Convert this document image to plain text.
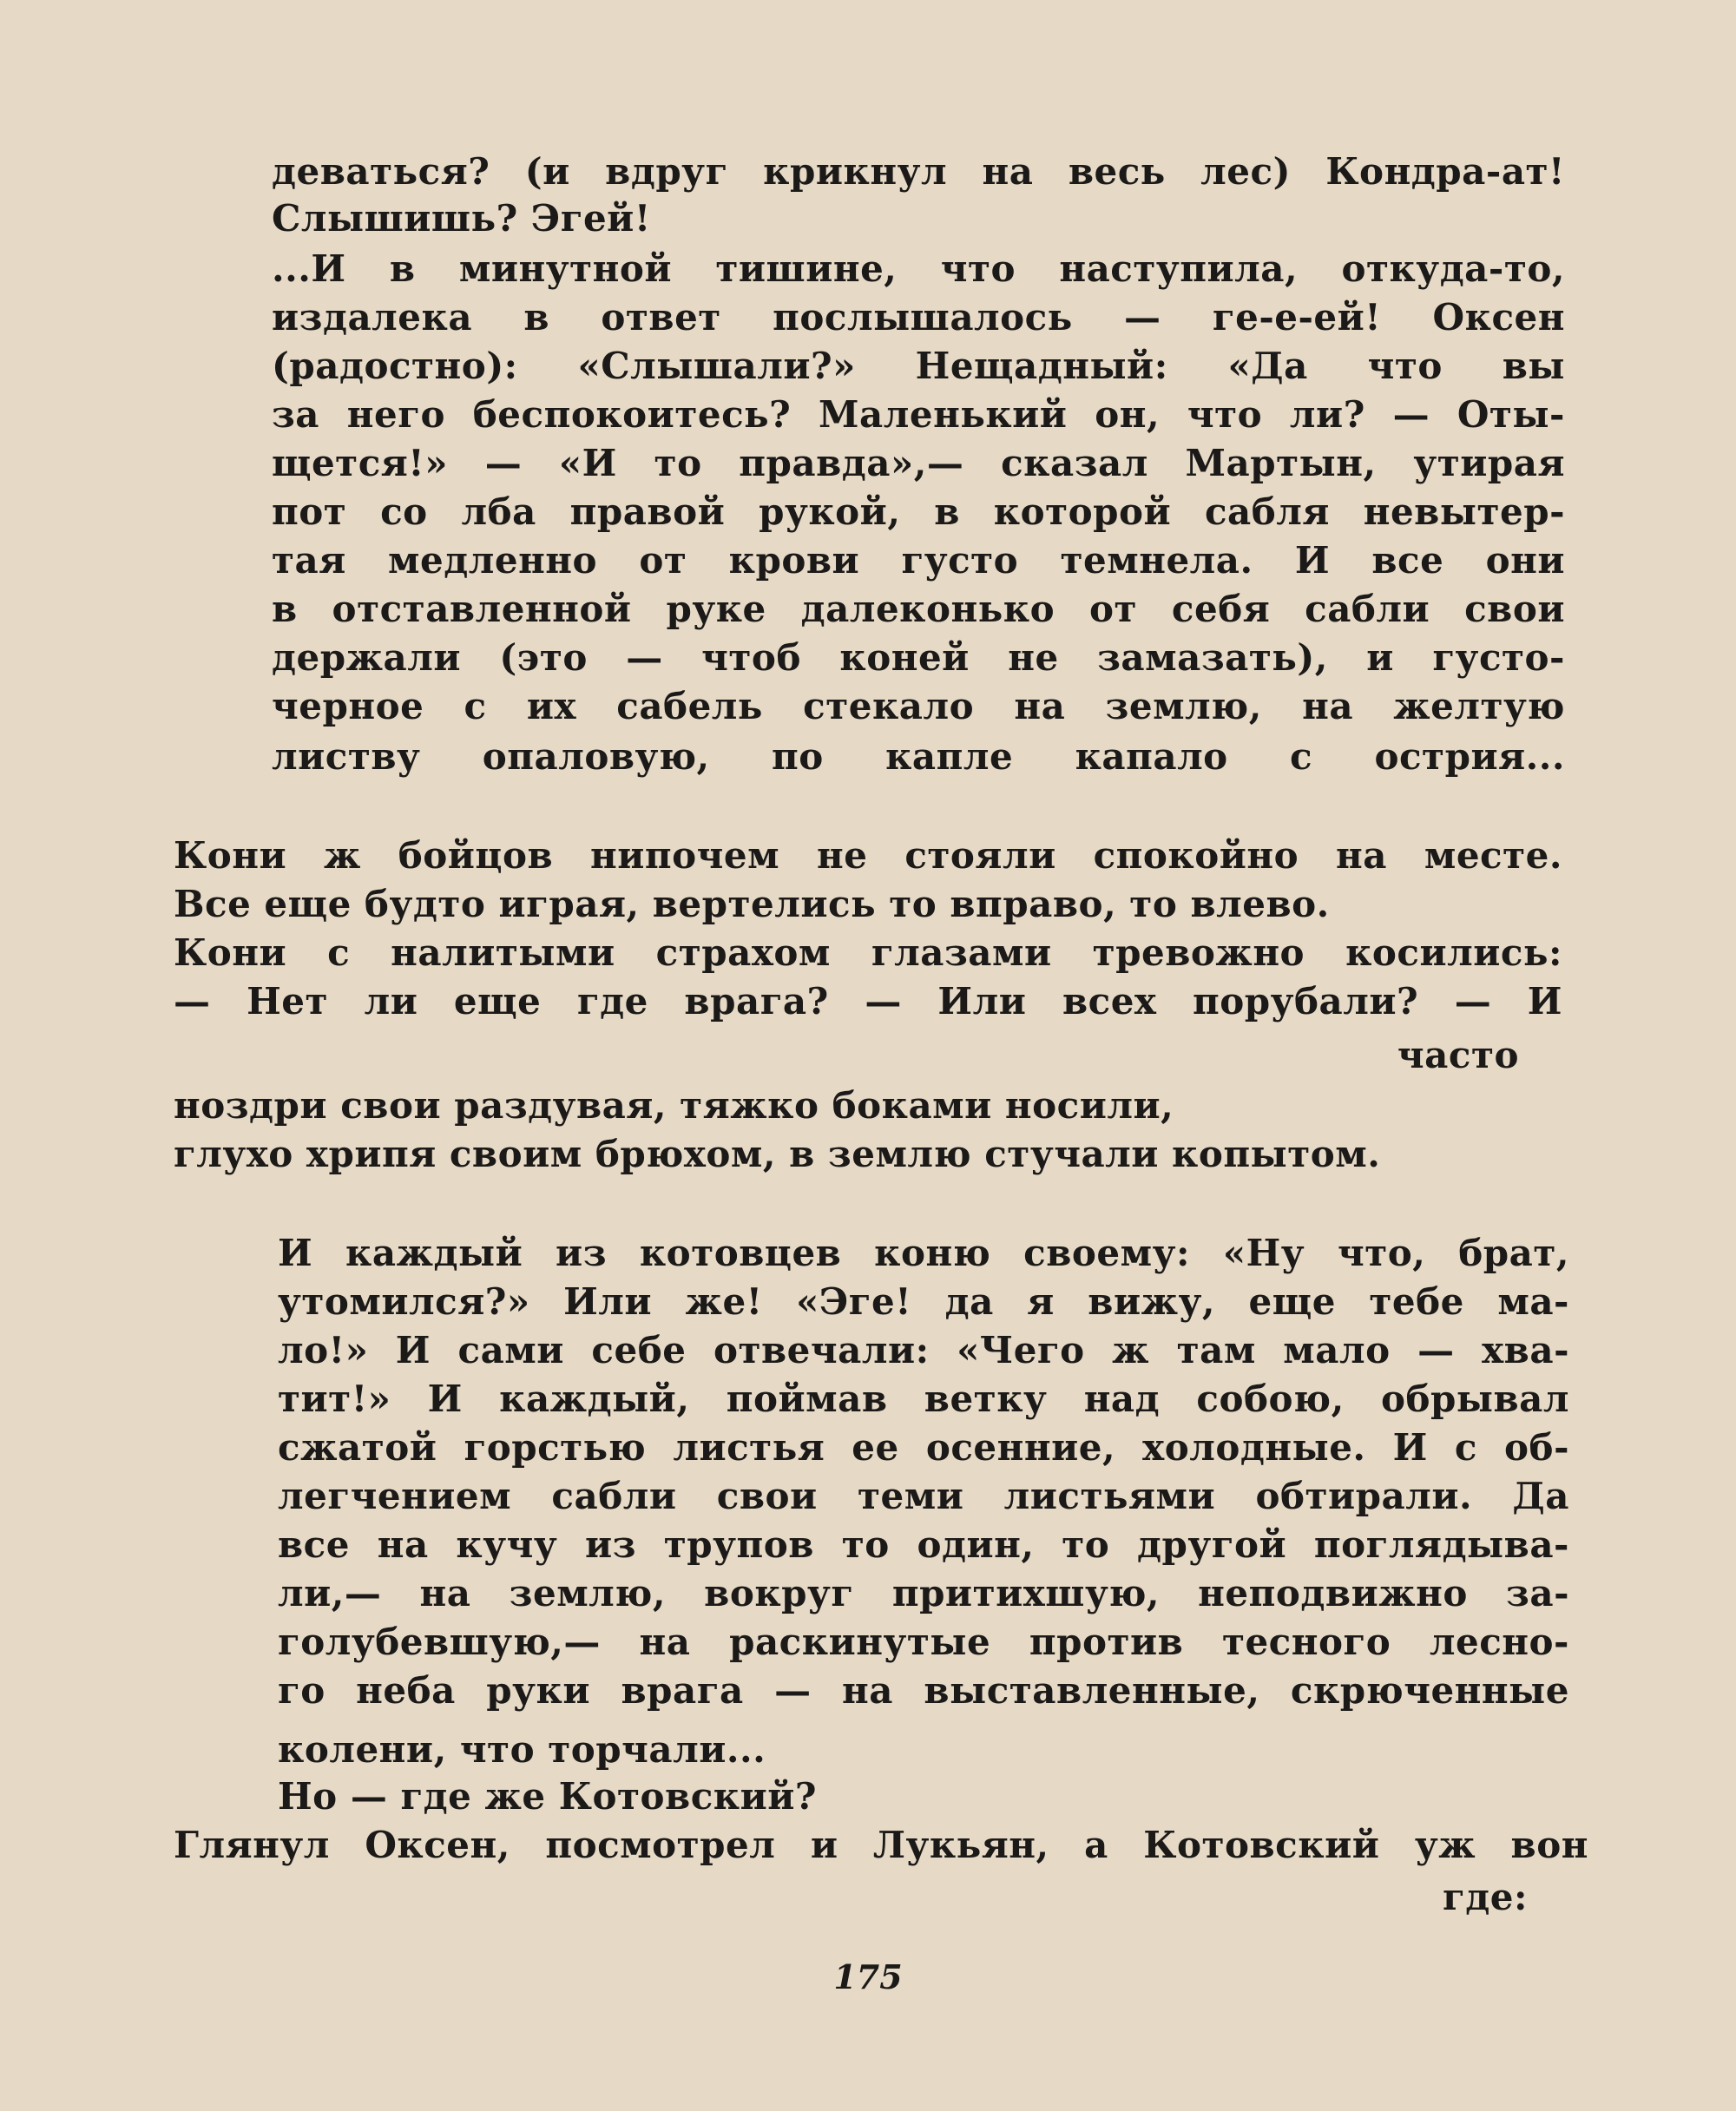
деваться? (и вдруг крикнул на весь лес) Кондра-ат!
Слышишь? Эгей!
...И в минутной тишине, что наступила, откуда-то,
издалека в ответ послышалось — ге-е-ей! Оксен
(радостно): «Слышали?» Нещадный: «Да что вы
за него беспокоитесь? Маленький он, что ли? — Оты-
щется!» — «И то правда»,— сказал Мартын, утирая
пот со лба правой рукой, в которой сабля невытер-
тая медленно от крови густо темнела. И все они
в отставленной руке далеконько от себя сабли свои
держали (это — чтоб коней не замазать), и густо-
черное с их сабель стекало на землю, на желтую
листву опаловую, по капле капало с острия...
Кони ж бойцов нипочем не стояли спокойно на месте.
Все еще будто играя, вертелись то вправо, то влево.
Кони с налитыми страхом глазами тревожно косились:
— Нет ли еще где врага? — Или всех порубали? — И
часто
ноздри свои раздувая, тяжко боками носили,
глухо хрипя своим брюхом, в землю стучали копытом.
И каждый из котовцев коню своему: «Ну что, брат,
утомился?» Или же! «Эге! да я вижу, еще тебе ма-
ло!» И сами себе отвечали: «Чего ж там мало — хва-
тит!» И каждый, поймав ветку над собою, обрывал
сжатой горстью листья ее осенние, холодные. И с об-
легчением сабли свои теми листьями обтирали. Да
все на кучу из трупов то один, то другой поглядыва-
ли,— на землю, вокруг притихшую, неподвижно за-
голубевшую,— на раскинутые против тесного лесно-
го неба руки врага — на выставленные, скрюченные
колени, что торчали...
Но — где же Котовский?
Глянул Оксен, посмотрел и Лукьян, а Котовский уж вон
где:
175
